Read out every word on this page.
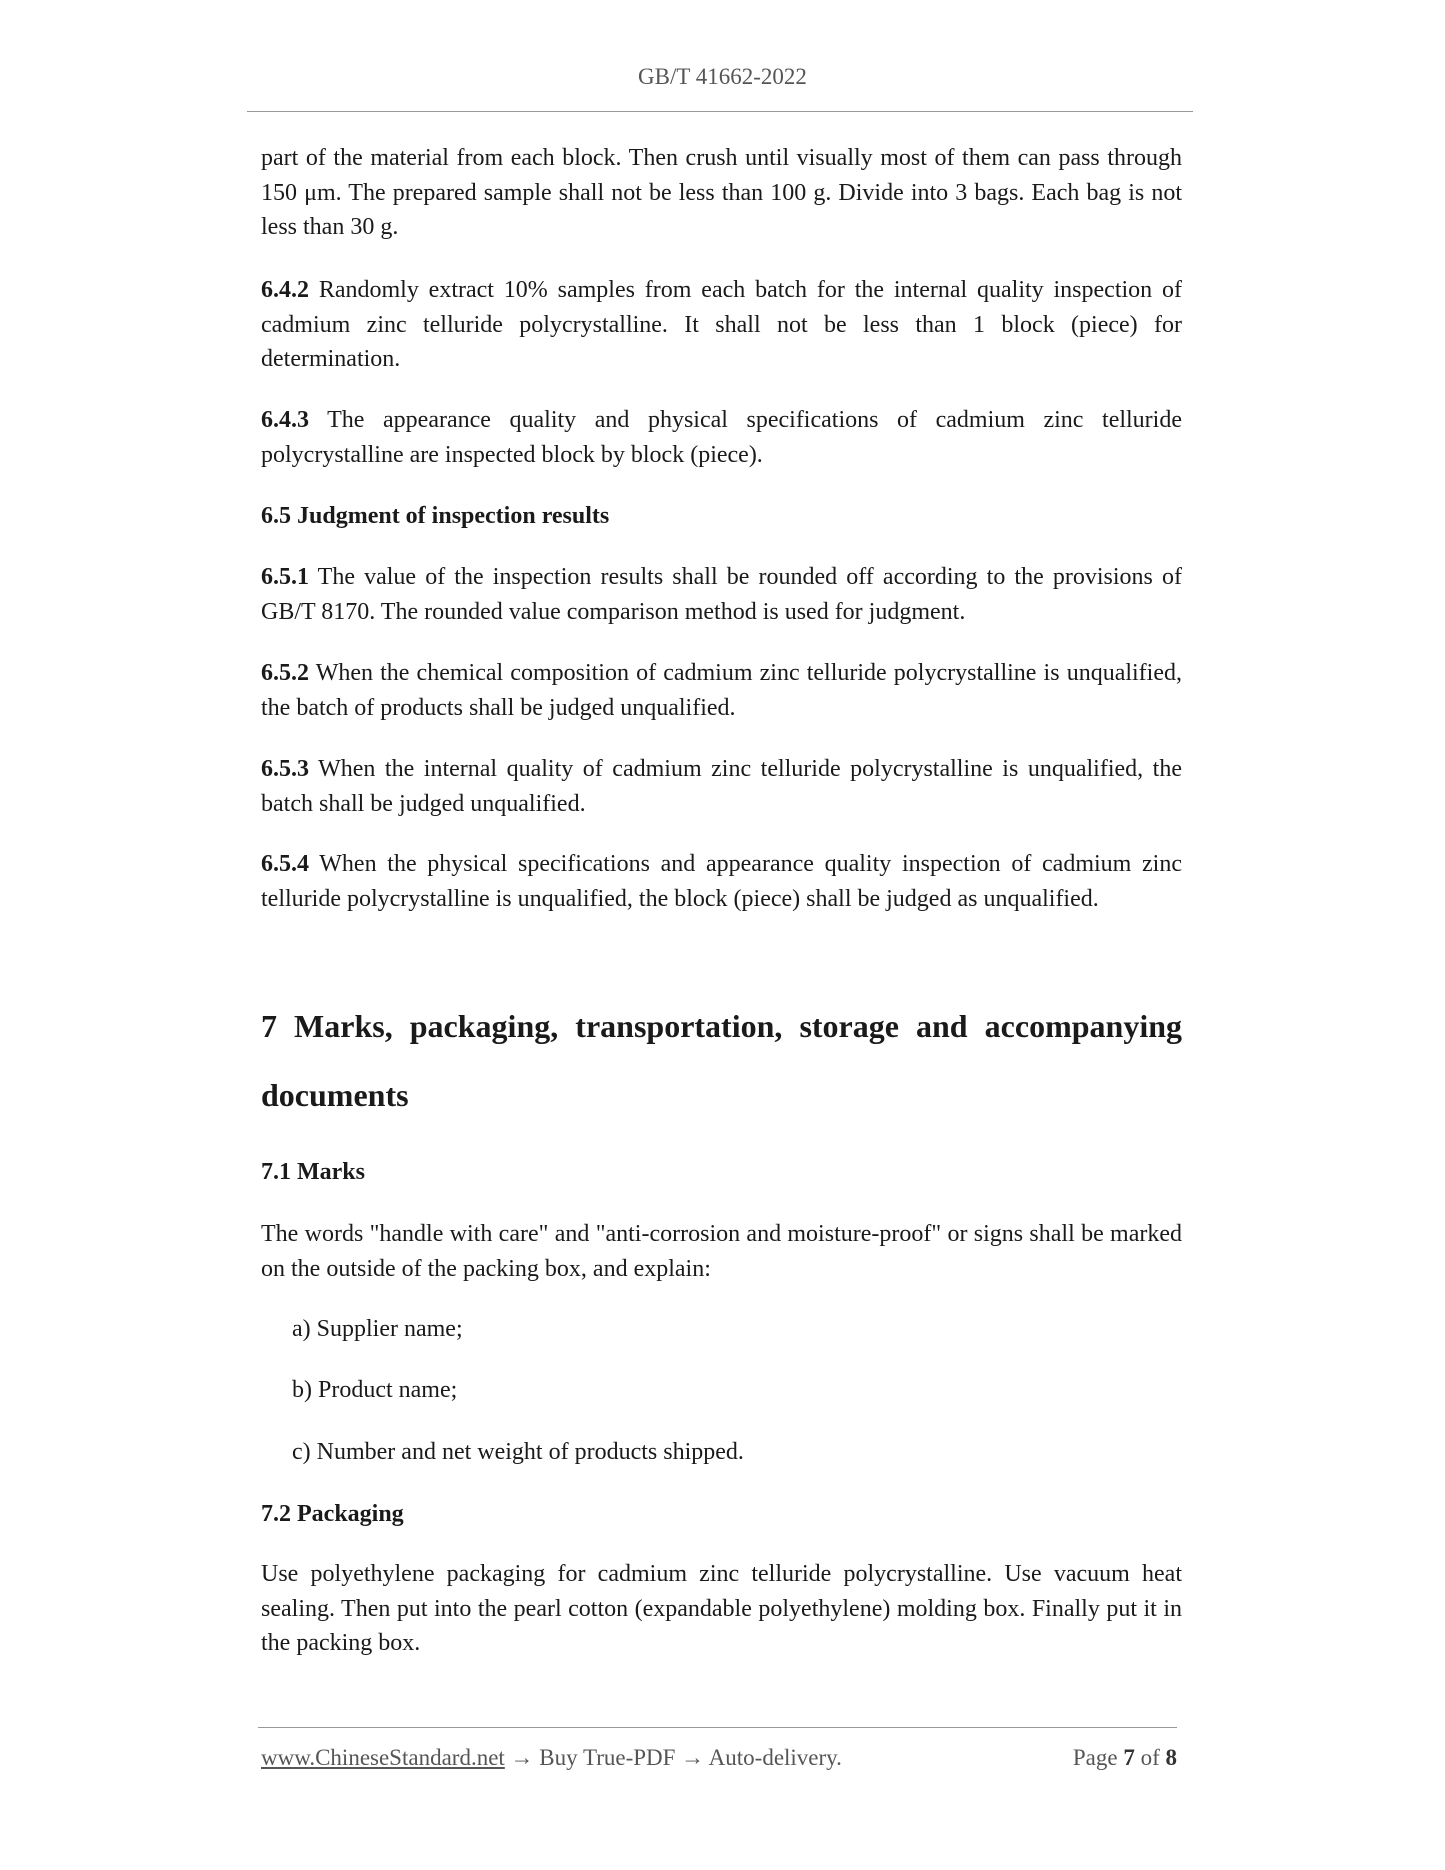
GB/T 41662-2022
part of the material from each block. Then crush until visually most of them can pass through 150 μm. The prepared sample shall not be less than 100 g. Divide into 3 bags. Each bag is not less than 30 g.
6.4.2 Randomly extract 10% samples from each batch for the internal quality inspection of cadmium zinc telluride polycrystalline. It shall not be less than 1 block (piece) for determination.
6.4.3 The appearance quality and physical specifications of cadmium zinc telluride polycrystalline are inspected block by block (piece).
6.5 Judgment of inspection results
6.5.1 The value of the inspection results shall be rounded off according to the provisions of GB/T 8170. The rounded value comparison method is used for judgment.
6.5.2 When the chemical composition of cadmium zinc telluride polycrystalline is unqualified, the batch of products shall be judged unqualified.
6.5.3 When the internal quality of cadmium zinc telluride polycrystalline is unqualified, the batch shall be judged unqualified.
6.5.4 When the physical specifications and appearance quality inspection of cadmium zinc telluride polycrystalline is unqualified, the block (piece) shall be judged as unqualified.
7 Marks, packaging, transportation, storage and accompanying documents
7.1 Marks
The words "handle with care" and "anti-corrosion and moisture-proof" or signs shall be marked on the outside of the packing box, and explain:
a) Supplier name;
b) Product name;
c) Number and net weight of products shipped.
7.2 Packaging
Use polyethylene packaging for cadmium zinc telluride polycrystalline. Use vacuum heat sealing. Then put into the pearl cotton (expandable polyethylene) molding box. Finally put it in the packing box.
www.ChineseStandard.net → Buy True-PDF → Auto-delivery.	Page 7 of 8
